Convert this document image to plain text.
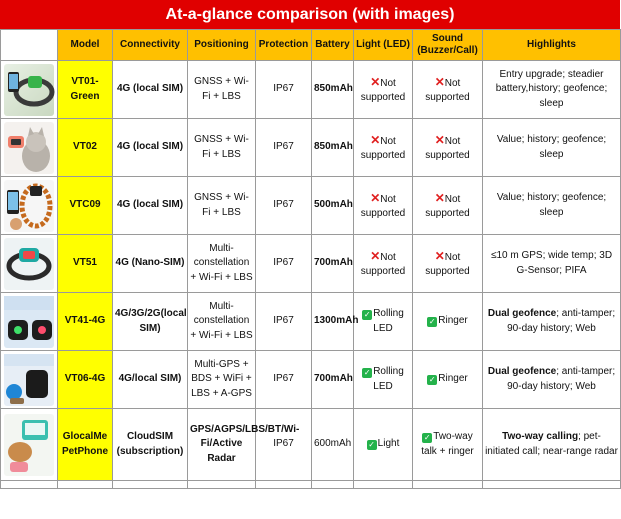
At-a-glance comparison (with images)
	Model	Connectivity	Positioning	Protection	Battery	Light (LED)	Sound (Buzzer/Call)	Highlights

	VT01-Green	4G (local SIM)	GNSS + Wi-Fi + LBS	IP67	850mAh	✕Not supported	✕Not supported	Entry upgrade; steadier battery,history; geofence; sleep

	VT02	4G (local SIM)	GNSS + Wi-Fi + LBS	IP67	850mAh	✕Not supported	✕Not supported	Value; history; geofence; sleep

	VTC09	4G (local SIM)	GNSS + Wi-Fi + LBS	IP67	500mAh	✕Not supported	✕Not supported	Value; history; geofence; sleep

	VT51	4G (Nano-SIM)	Multi-constellation + Wi-Fi + LBS	IP67	700mAh	✕Not supported	✕Not supported	≤10 m GPS; wide temp; 3D G-Sensor; PIFA

	VT41-4G	4G/3G/2G(local SIM)	Multi-constellation + Wi-Fi + LBS	IP67	1300mAh	✓ Rolling LED	✓ Ringer	Dual geofence; anti-tamper; 90-day history; Web

	VT06-4G	4G/local SIM)	Multi-GPS + BDS + WiFi + LBS + A-GPS	IP67	700mAh	✓ Rolling LED	✓ Ringer	Dual geofence; anti-tamper; 90-day history; Web

	GlocalMe PetPhone	CloudSIM (subscription)	GPS/AGPS/LBS/BT/Wi-Fi/Active Radar	IP67	600mAh	✓ Light	✓ Two-way talk + ringer	Two-way calling; pet-initiated call; near-range radar
